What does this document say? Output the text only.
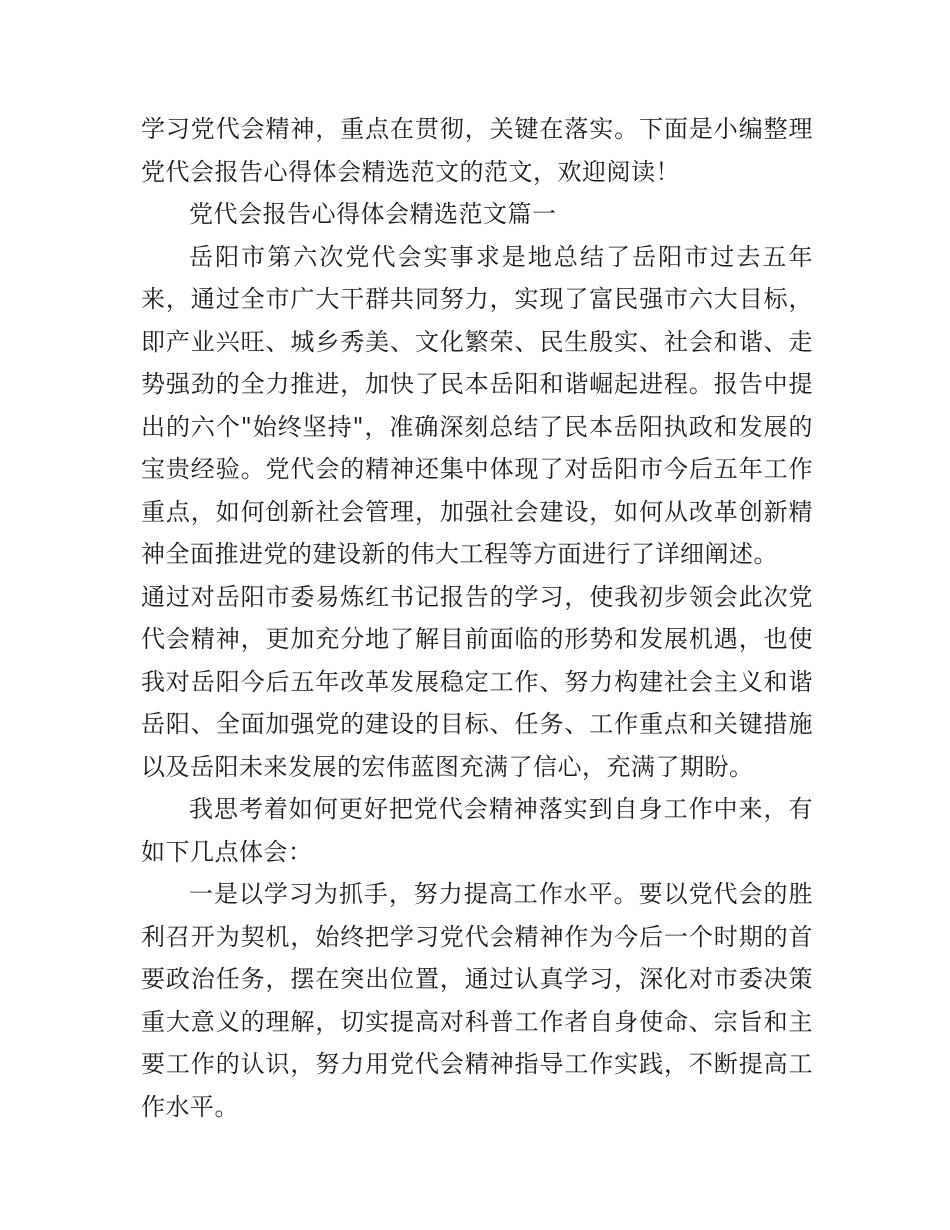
学习党代会精神，重点在贯彻，关键在落实。下面是小编整理党代会报告心得体会精选范文的范文，欢迎阅读！

党代会报告心得体会精选范文篇一

岳阳市第六次党代会实事求是地总结了岳阳市过去五年来，通过全市广大干群共同努力，实现了富民强市六大目标，即产业兴旺、城乡秀美、文化繁荣、民生殷实、社会和谐、走势强劲的全力推进，加快了民本岳阳和谐崛起进程。报告中提出的六个"始终坚持"，准确深刻总结了民本岳阳执政和发展的宝贵经验。党代会的精神还集中体现了对岳阳市今后五年工作重点，如何创新社会管理，加强社会建设，如何从改革创新精神全面推进党的建设新的伟大工程等方面进行了详细阐述。

通过对岳阳市委易炼红书记报告的学习，使我初步领会此次党代会精神，更加充分地了解目前面临的形势和发展机遇，也使我对岳阳今后五年改革发展稳定工作、努力构建社会主义和谐岳阳、全面加强党的建设的目标、任务、工作重点和关键措施以及岳阳未来发展的宏伟蓝图充满了信心，充满了期盼。

我思考着如何更好把党代会精神落实到自身工作中来，有如下几点体会：

一是以学习为抓手，努力提高工作水平。要以党代会的胜利召开为契机，始终把学习党代会精神作为今后一个时期的首要政治任务，摆在突出位置，通过认真学习，深化对市委决策重大意义的理解，切实提高对科普工作者自身使命、宗旨和主要工作的认识，努力用党代会精神指导工作实践，不断提高工作水平。
